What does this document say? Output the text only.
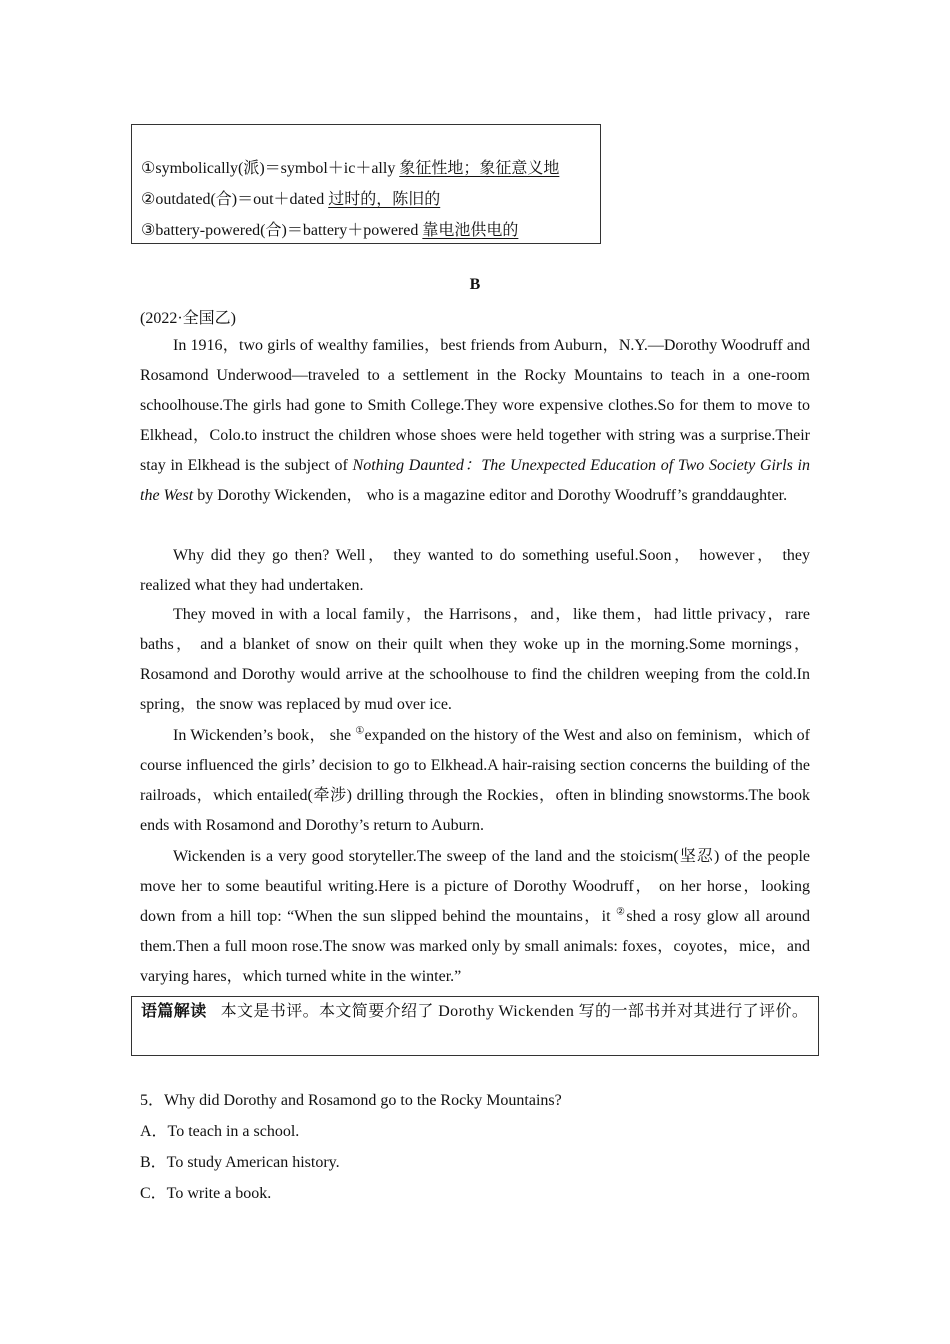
①symbolically(派)＝symbol＋ic＋ally 象征性地；象征意义地
②outdated(合)＝out＋dated 过时的，陈旧的
③battery-powered(合)＝battery＋powered 靠电池供电的
B
(2022·全国乙)

In 1916，two girls of wealthy families，best friends from Auburn，N.Y.—Dorothy Woodruff and Rosamond Underwood—traveled to a settlement in the Rocky Mountains to teach in a one-room schoolhouse.The girls had gone to Smith College.They wore expensive clothes.So for them to move to Elkhead，Colo.to instruct the children whose shoes were held together with string was a surprise.Their stay in Elkhead is the subject of Nothing Daunted：The Unexpected Education of Two Society Girls in the West by Dorothy Wickenden， who is a magazine editor and Dorothy Woodruff’s granddaughter.

Why did they go then? Well， they wanted to do something useful.Soon， however， they realized what they had undertaken.

They moved in with a local family，the Harrisons，and，like them，had little privacy，rare baths， and a blanket of snow on their quilt when they woke up in the morning.Some mornings，Rosamond and Dorothy would arrive at the schoolhouse to find the children weeping from the cold.In spring，the snow was replaced by mud over ice.

In Wickenden’s book， she ①expanded on the history of the West and also on feminism，which of course influenced the girls’ decision to go to Elkhead.A hair-raising section concerns the building of the railroads，which entailed(牵涉) drilling through the Rockies，often in blinding snowstorms.The book ends with Rosamond and Dorothy’s return to Auburn.

Wickenden is a very good storyteller.The sweep of the land and the stoicism(坚忍) of the people move her to some beautiful writing.Here is a picture of Dorothy Woodruff， on her horse，looking down from a hill top: “When the sun slipped behind the mountains，it ②shed a rosy glow all around them.Then a full moon rose.The snow was marked only by small animals: foxes，coyotes，mice，and varying hares，which turned white in the winter.”

语篇解读 本文是书评。本文简要介绍了 Dorothy Wickenden 写的一部书并对其进行了评价。
5．Why did Dorothy and Rosamond go to the Rocky Mountains?
A．To teach in a school.
B．To study American history.
C．To write a book.
